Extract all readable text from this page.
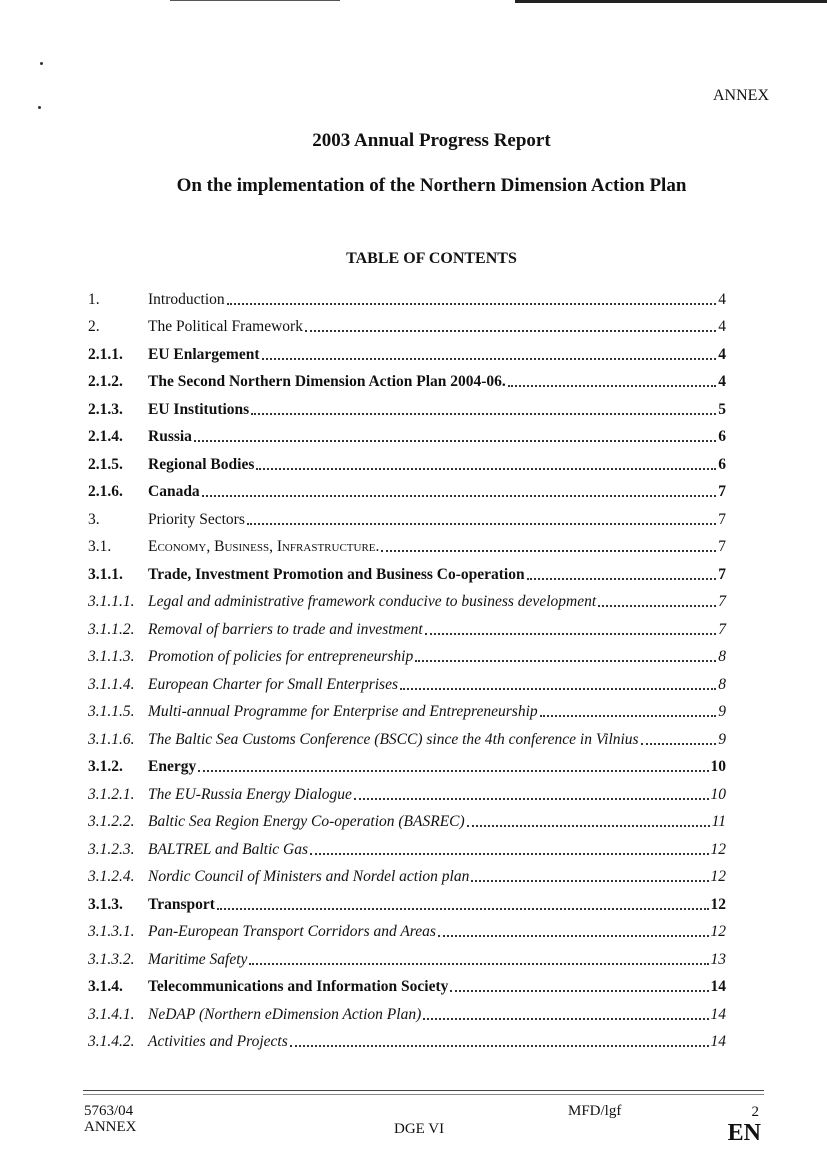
ANNEX
2003 Annual Progress Report
On the implementation of the Northern Dimension Action Plan
TABLE OF CONTENTS
1.	Introduction	4
2.	The Political Framework	4
2.1.1.	EU Enlargement	4
2.1.2.	The Second Northern Dimension Action Plan 2004-06.	4
2.1.3.	EU Institutions	5
2.1.4.	Russia	6
2.1.5.	Regional Bodies	6
2.1.6.	Canada	7
3.	Priority Sectors	7
3.1.	Economy, Business, Infrastructure.	7
3.1.1.	Trade, Investment Promotion and Business Co-operation	7
3.1.1.1. Legal and administrative framework conducive to business development	7
3.1.1.2. Removal of barriers to trade and investment	7
3.1.1.3. Promotion of policies for entrepreneurship	8
3.1.1.4. European Charter for Small Enterprises	8
3.1.1.5. Multi-annual Programme for Enterprise and Entrepreneurship	9
3.1.1.6. The Baltic Sea Customs Conference (BSCC) since the 4th conference in Vilnius	9
3.1.2.	Energy	10
3.1.2.1. The EU-Russia Energy Dialogue	10
3.1.2.2. Baltic Sea Region Energy Co-operation (BASREC)	11
3.1.2.3. BALTREL and Baltic Gas	12
3.1.2.4. Nordic Council of Ministers and Nordel action plan	12
3.1.3.	Transport	12
3.1.3.1. Pan-European Transport Corridors and Areas	12
3.1.3.2. Maritime Safety	13
3.1.4.	Telecommunications and Information Society	14
3.1.4.1. NeDAP (Northern eDimension Action Plan)	14
3.1.4.2. Activities and Projects	14
5763/04
ANNEX	DGE VI
MFD/lgf	2
EN
